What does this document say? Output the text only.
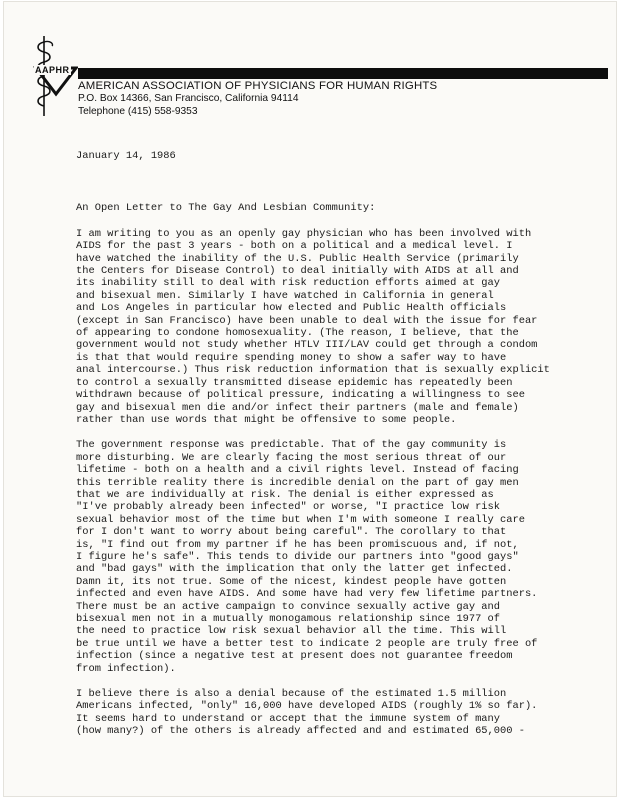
AAPHR
AMERICAN ASSOCIATION OF PHYSICIANS FOR HUMAN RIGHTS
P.O. Box 14366, San Francisco, California 94114
Telephone (415) 558-9353
January 14, 1986
An Open Letter to The Gay And Lesbian Community:
I am writing to you as an openly gay physician who has been involved with
AIDS for the past 3 years - both on a political and a medical level. I
have watched the inability of the U.S. Public Health Service (primarily
the Centers for Disease Control) to deal initially with AIDS at all and
its inability still to deal with risk reduction efforts aimed at gay
and bisexual men. Similarly I have watched in California in general
and Los Angeles in particular how elected and Public Health officials
(except in San Francisco) have been unable to deal with the issue for fear
of appearing to condone homosexuality. (The reason, I believe, that the
government would not study whether HTLV III/LAV could get through a condom
is that that would require spending money to show a safer way to have
anal intercourse.) Thus risk reduction information that is sexually explicit
to control a sexually transmitted disease epidemic has repeatedly been
withdrawn because of political pressure, indicating a willingness to see
gay and bisexual men die and/or infect their partners (male and female)
rather than use words that might be offensive to some people.
The government response was predictable. That of the gay community is
more disturbing. We are clearly facing the most serious threat of our
lifetime - both on a health and a civil rights level. Instead of facing
this terrible reality there is incredible denial on the part of gay men
that we are individually at risk. The denial is either expressed as
"I've probably already been infected" or worse, "I practice low risk
sexual behavior most of the time but when I'm with someone I really care
for I don't want to worry about being careful". The corollary to that
is, "I find out from my partner if he has been promiscuous and, if not,
I figure he's safe". This tends to divide our partners into "good gays"
and "bad gays" with the implication that only the latter get infected.
Damn it, its not true. Some of the nicest, kindest people have gotten
infected and even have AIDS. And some have had very few lifetime partners.
There must be an active campaign to convince sexually active gay and
bisexual men not in a mutually monogamous relationship since 1977 of
the need to practice low risk sexual behavior all the time. This will
be true until we have a better test to indicate 2 people are truly free of
infection (since a negative test at present does not guarantee freedom
from infection).
I believe there is also a denial because of the estimated 1.5 million
Americans infected, "only" 16,000 have developed AIDS (roughly 1% so far).
It seems hard to understand or accept that the immune system of many
(how many?) of the others is already affected and and estimated 65,000 -
